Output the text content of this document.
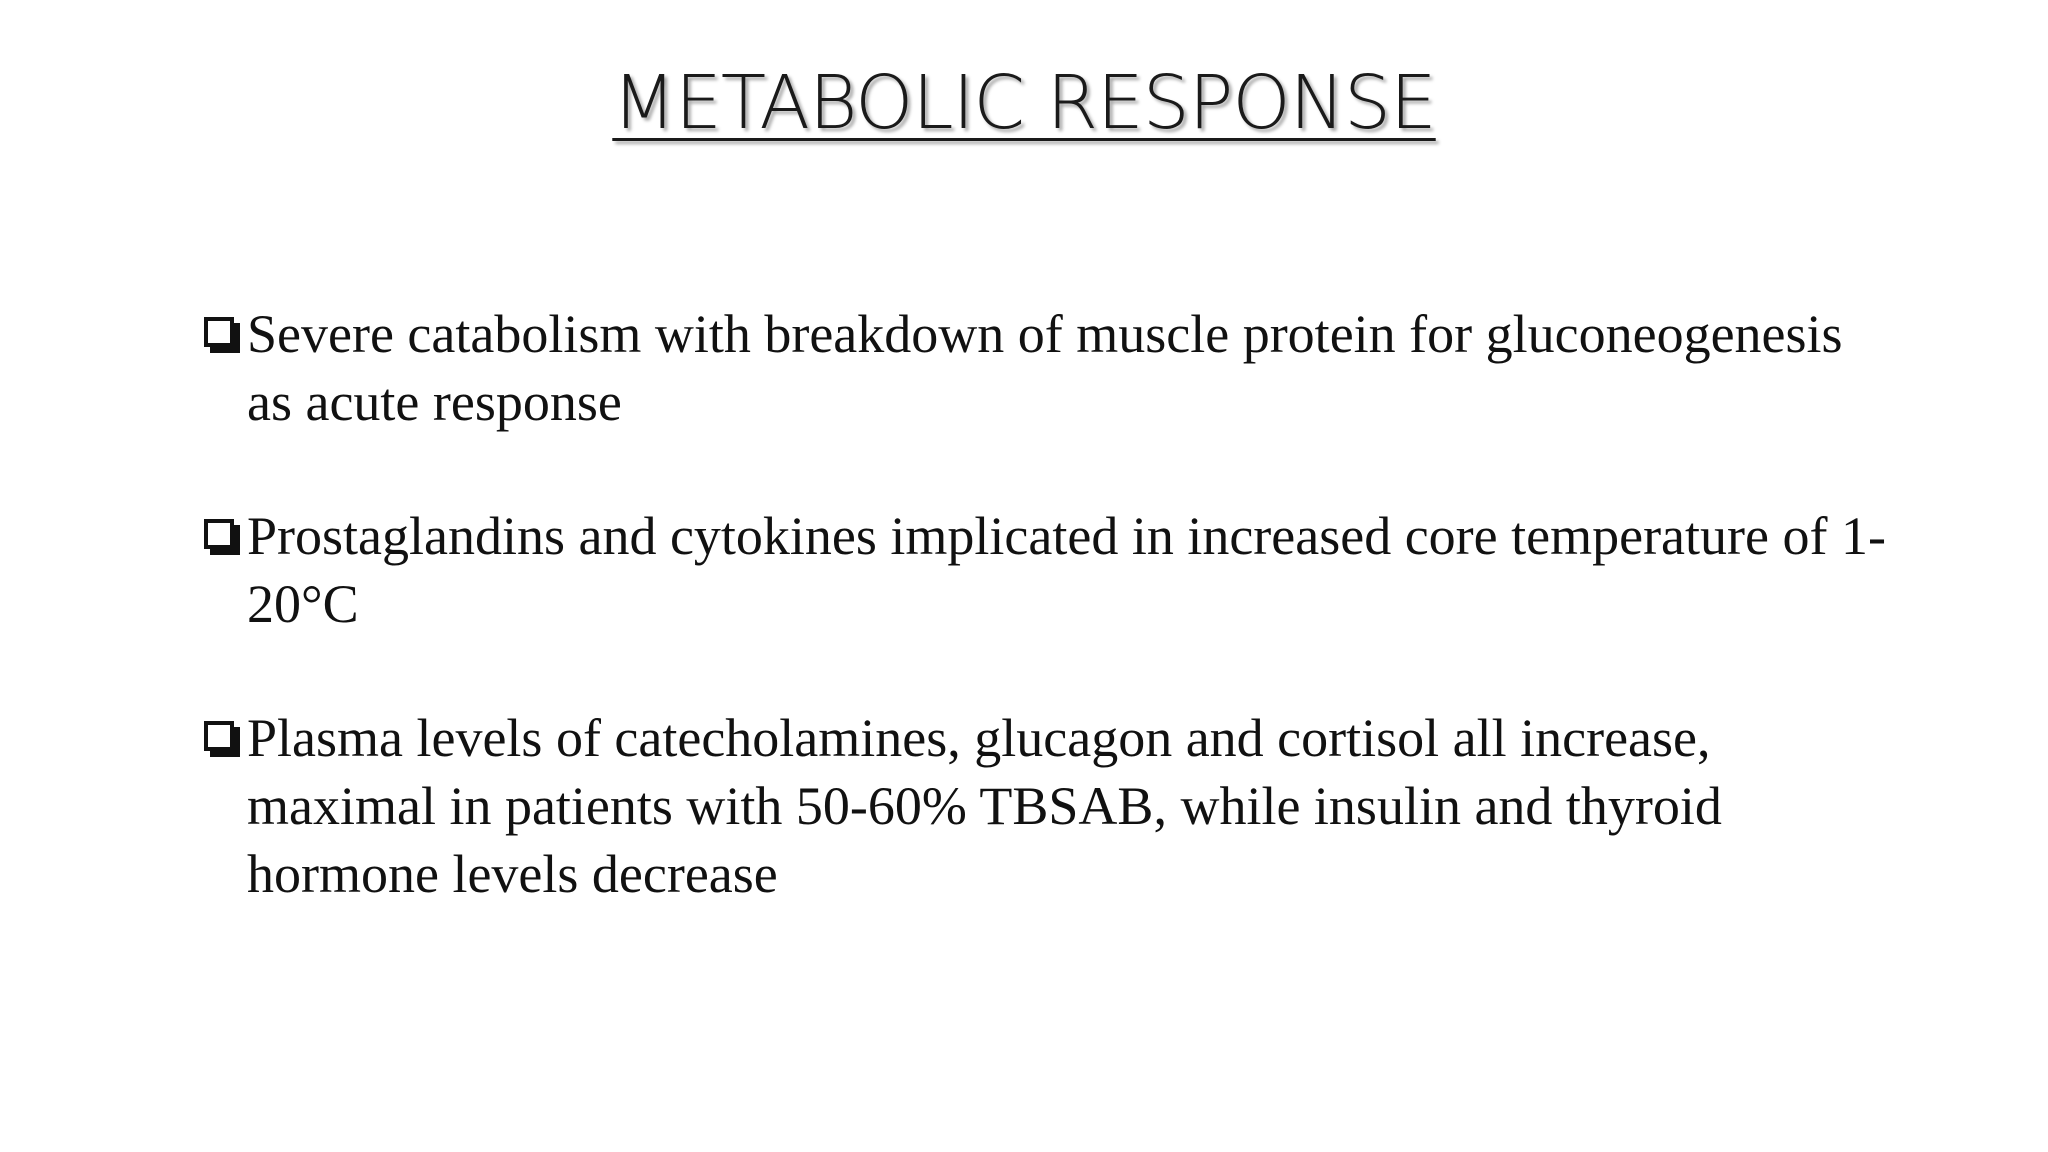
METABOLIC RESPONSE
Severe catabolism with breakdown of muscle protein for gluconeogenesis as acute response
Prostaglandins and cytokines implicated in increased core temperature of 1-20°C
Plasma levels of catecholamines, glucagon and cortisol all increase, maximal in patients with 50-60% TBSAB, while insulin and thyroid hormone levels decrease
